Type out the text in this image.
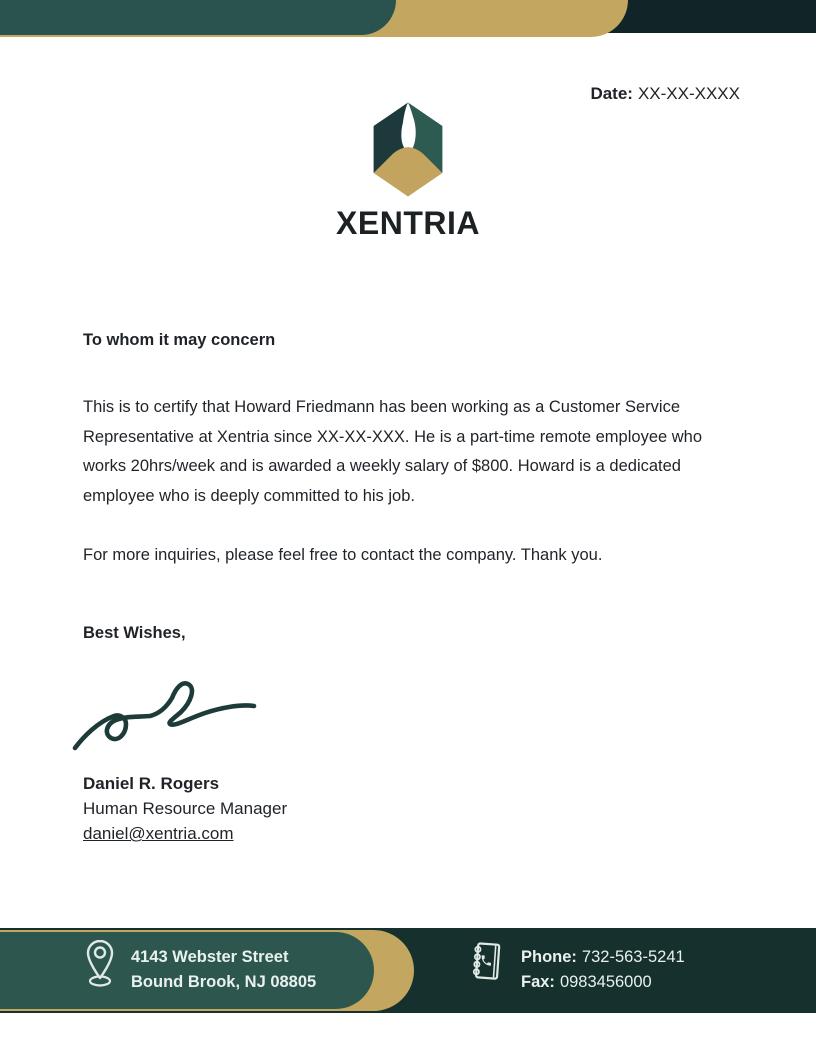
Date: XX-XX-XXXX
XENTRIA
To whom it may concern
This is to certify that Howard Friedmann has been working as a Customer Service Representative at Xentria since XX-XX-XXX. He is a part-time remote employee who works 20hrs/week and is awarded a weekly salary of $800. Howard is a dedicated employee who is deeply committed to his job.
For more inquiries, please feel free to contact the company. Thank you.
Best Wishes,
Daniel R. Rogers
Human Resource Manager
daniel@xentria.com
4143 Webster Street
Bound Brook, NJ 08805
Phone: 732-563-5241
Fax: 0983456000
